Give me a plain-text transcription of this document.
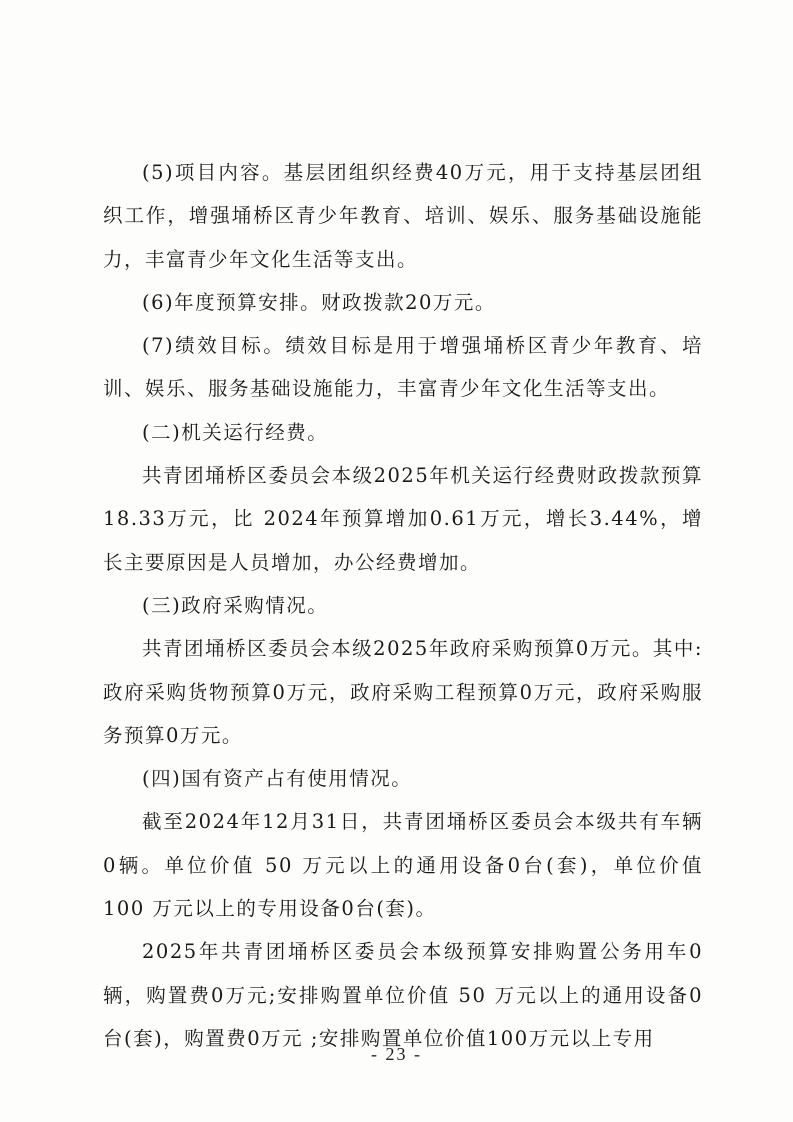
(5)项目内容。基层团组织经费40万元，用于支持基层团组织工作，增强埇桥区青少年教育、培训、娱乐、服务基础设施能力，丰富青少年文化生活等支出。

(6)年度预算安排。财政拨款20万元。

(7)绩效目标。绩效目标是用于增强埇桥区青少年教育、培训、娱乐、服务基础设施能力，丰富青少年文化生活等支出。

(二)机关运行经费。

共青团埇桥区委员会本级2025年机关运行经费财政拨款预算18.33万元，比 2024年预算增加0.61万元，增长3.44%，增长主要原因是人员增加，办公经费增加。

(三)政府采购情况。

共青团埇桥区委员会本级2025年政府采购预算0万元。其中:政府采购货物预算0万元，政府采购工程预算0万元，政府采购服务预算0万元。

(四)国有资产占有使用情况。

截至2024年12月31日，共青团埇桥区委员会本级共有车辆0辆。单位价值 50 万元以上的通用设备0台(套)，单位价值 100 万元以上的专用设备0台(套)。

2025年共青团埇桥区委员会本级预算安排购置公务用车0辆，购置费0万元;安排购置单位价值 50 万元以上的通用设备0台(套)，购置费0万元 ;安排购置单位价值100万元以上专用

- 23 -
